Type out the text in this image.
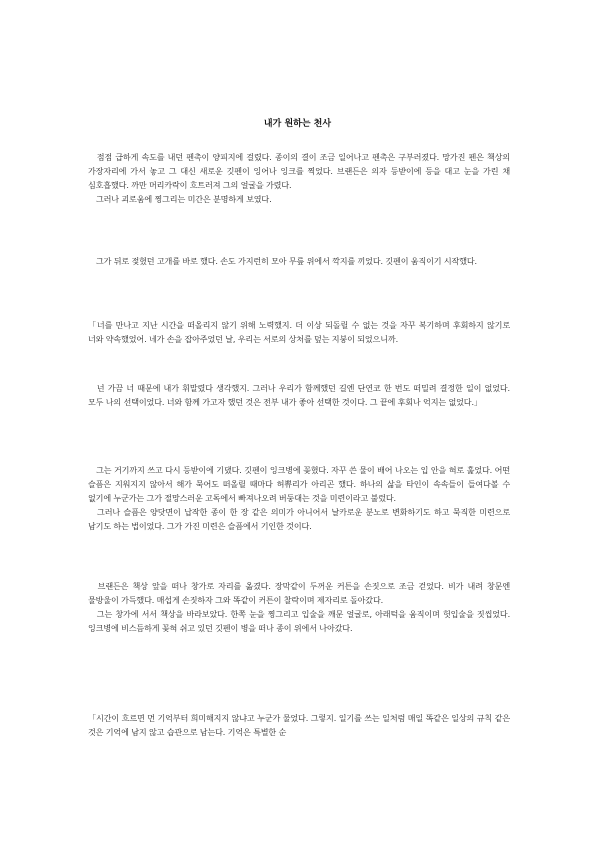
내가 원하는 천사

　점점 급하게 속도를 내던 펜촉이 양피지에 걸렸다. 종이의 결이 조금 일어나고 펜촉은 구부러졌다. 망가진 펜은 책상의 가장자리에 가서 놓고 그 대신 새로운 깃펜이 잉어나 잉크를 찍었다. 브랜든은 의자 등받이에 등을 대고 눈을 가린 채 심호흡했다. 까만 머리카락이 흐트러져 그의 얼굴을 가렸다.

　그러나 괴로움에 찡그리는 미간은 분명하게 보였다.

　그가 뒤로 젖혔던 고개를 바로 했다. 손도 가지런히 모아 무릎 위에서 깍지를 끼었다. 깃펜이 움직이기 시작했다.

「너를 만나고 지난 시간을 떠올리지 않기 위해 노력했지. 더 이상 되돌릴 수 없는 것을 자꾸 복기하며 후회하지 않기로 너와 약속했었어. 네가 손을 잡아주었던 날, 우리는 서로의 상처를 덮는 지붕이 되었으니까.

　넌 가끔 너 때문에 내가 휘말렸다 생각했지. 그러나 우리가 함께했던 길엔 단연코 한 번도 떠밀려 결정한 일이 없었다. 모두 나의 선택이었다. 너와 함께 가고자 했던 것은 전부 내가 좋아 선택한 것이다. 그 끝에 후회나 억지는 없었다.」

　그는 거기까지 쓰고 다시 등받이에 기댔다. 깃펜이 잉크병에 꽂혔다. 자꾸 쓴 물이 배어 나오는 입 안을 혀로 훑었다. 어떤 슬픔은 지워지지 않아서 해가 묵어도 떠올릴 때마다 허쀼리가 아리곤 했다. 하나의 삶을 타인이 속속들이 들여다볼 수 없기에 누군가는 그가 절망스러운 고독에서 빠져나오려 버둥대는 것을 미련이라고 불렀다.

　그러나 슬픔은 양닷면이 납작한 종이 한 장 같은 의미가 아니어서 날카로운 분노로 변화하기도 하고 묵직한 미련으로 남기도 하는 법이었다. 그가 가진 미련은 슬픔에서 기인한 것이다.

　브랜든은 책상 앞을 떠나 창가로 자리를 옮겼다. 장막같이 두꺼운 커튼을 손짓으로 조금 걷었다. 비가 내려 창문엔 물방울이 가득했다. 매섭게 손짓하자 그와 똑같이 커튼이 찰락이며 제자리로 돌아갔다.

　그는 창가에 서서 책상을 바라보았다. 한쪽 눈을 찡그리고 입술을 깨문 얼굴로, 아래턱을 움직이며 헛입술을 짓씹었다. 잉크병에 비스듬하게 꽂혀 쉬고 있던 깃펜이 병을 떠나 종이 위에서 나아갔다.

「시간이 흐르면 먼 기억부터 희미해지지 않냐고 누군가 물었다. 그렇지. 일기를 쓰는 일처럼 매일 똑같은 일상의 규칙 같은 것은 기억에 남지 않고 습관으로 남는다. 기억은 특별한 순
